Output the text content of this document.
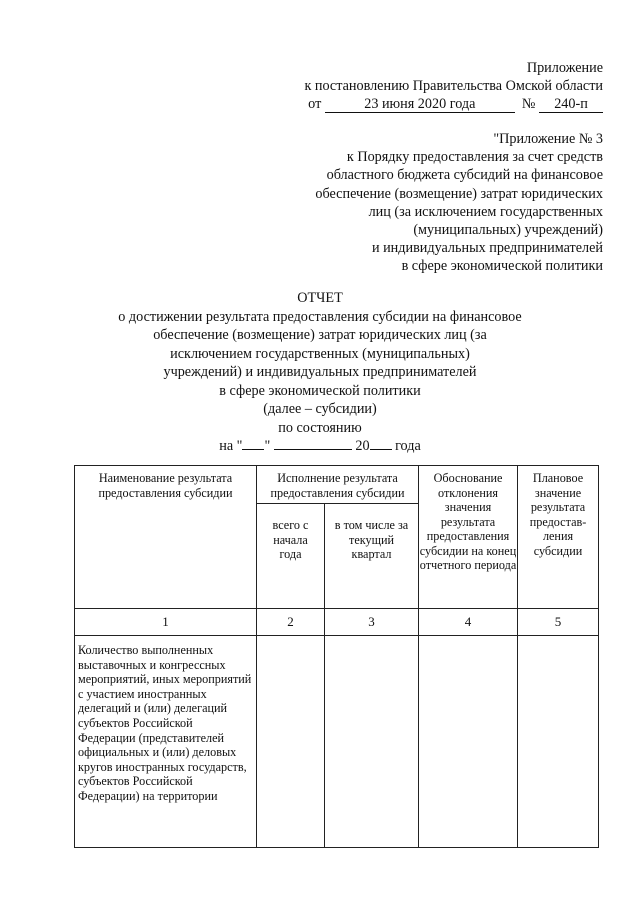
Приложение
к постановлению Правительства Омской области
от	23 июня 2020 года	№ 240-п
"Приложение № 3
к Порядку предоставления за счет средств
областного бюджета субсидий на финансовое
обеспечение (возмещение) затрат юридических
лиц (за исключением государственных
(муниципальных) учреждений)
и индивидуальных предпринимателей
в сфере экономической политики
ОТЧЕТ
о достижении результата предоставления субсидии на финансовое
обеспечение (возмещение) затрат юридических лиц (за
исключением государственных (муниципальных)
учреждений) и индивидуальных предпринимателей
в сфере экономической политики
(далее – субсидии)
по состоянию
на " "	20 года
Наименование результата предоставления субсидии	Исполнение результата предоставления субсидии		Обоснование отклонения значения результата предоставления субсидии на конец отчетного периода	Плановое значение результата предостав-ления субсидии
	всего с начала года	в том числе за текущий квартал		
1	2	3	4	5
Количество выполненных выставочных и конгрессных мероприятий, иных мероприятий с участием иностранных делегаций и (или) делегаций субъектов Российской Федерации (представителей официальных и (или) деловых кругов иностранных государств, субъектов Российской Федерации) на территории				
